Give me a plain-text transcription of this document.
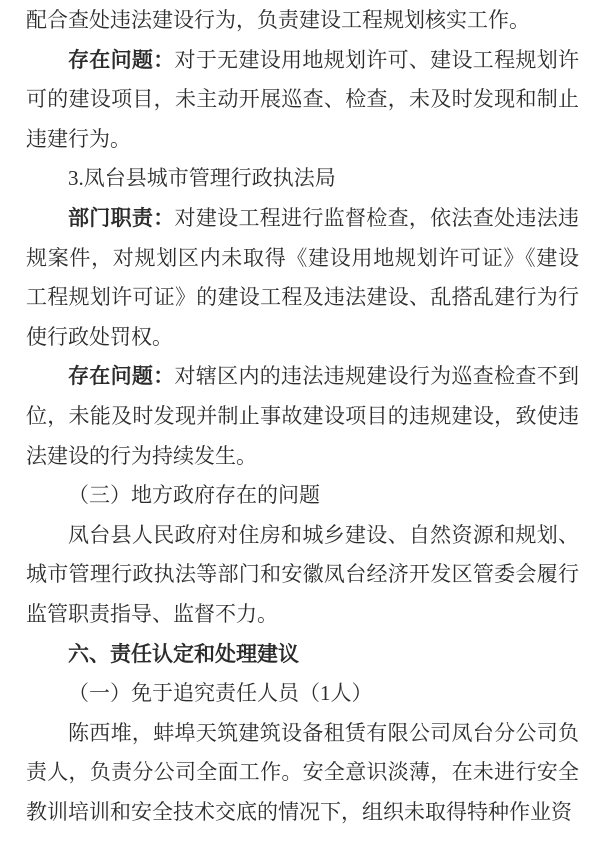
配合查处违法建设行为，负责建设工程规划核实工作。

存在问题：对于无建设用地规划许可、建设工程规划许可的建设项目，未主动开展巡查、检查，未及时发现和制止违建行为。

3.凤台县城市管理行政执法局

部门职责：对建设工程进行监督检查，依法查处违法违规案件，对规划区内未取得《建设用地规划许可证》《建设工程规划许可证》的建设工程及违法建设、乱搭乱建行为行使行政处罚权。

存在问题：对辖区内的违法违规建设行为巡查检查不到位，未能及时发现并制止事故建设项目的违规建设，致使违法建设的行为持续发生。

（三）地方政府存在的问题

凤台县人民政府对住房和城乡建设、自然资源和规划、城市管理行政执法等部门和安徽凤台经济开发区管委会履行监管职责指导、监督不力。

六、责任认定和处理建议

（一）免于追究责任人员（1人）

陈西堆，蚌埠天筑建筑设备租赁有限公司凤台分公司负责人，负责分公司全面工作。安全意识淡薄，在未进行安全教训培训和安全技术交底的情况下，组织未取得特种作业资
